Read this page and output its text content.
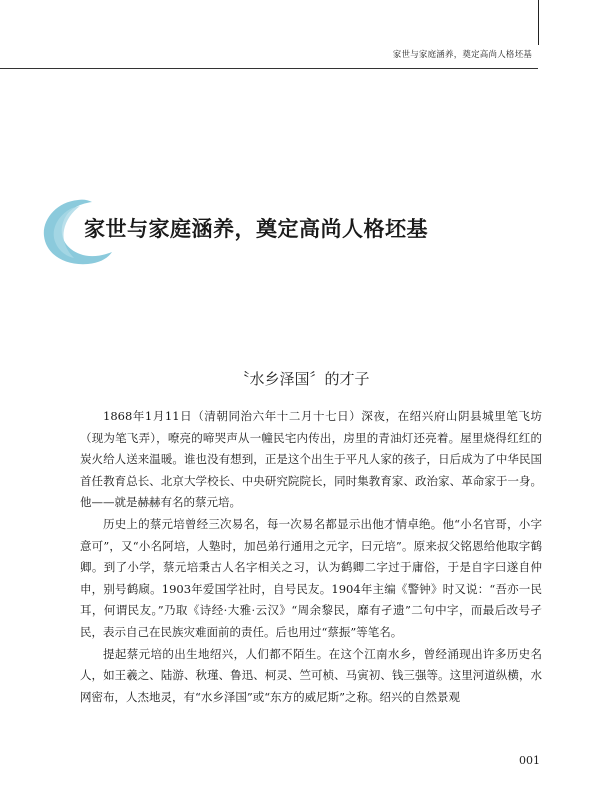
家世与家庭涵养，奠定高尚人格坯基
家世与家庭涵养，奠定高尚人格坯基
〝水乡泽国〞的才子

1868年1月11日（清朝同治六年十二月十七日）深夜，在绍兴府山阴县城里笔飞坊（现为笔飞弄），嘹亮的啼哭声从一幢民宅内传出，房里的青油灯还亮着。屋里烧得红红的炭火给人送来温暖。谁也没有想到，正是这个出生于平凡人家的孩子，日后成为了中华民国首任教育总长、北京大学校长、中央研究院院长，同时集教育家、政治家、革命家于一身。他——就是赫赫有名的蔡元培。

历史上的蔡元培曾经三次易名，每一次易名都显示出他才情卓绝。他“小名官哥，小字意可”，又“小名阿培，人塾时，加邑弟行通用之元字，曰元培”。原来叔父铭恩给他取字鹤卿。到了小学，蔡元培秉古人名字相关之习，认为鹤卿二字过于庸俗，于是自字曰遂自仲申，别号鹤庼。1903年爱国学社时，自号民友。1904年主编《警钟》时又说：“吾亦一民耳，何谓民友。”乃取《诗经·大雅·云汉》“周余黎民，靡有孑遗”二句中字，而最后改号孑民，表示自己在民族灾难面前的责任。后也用过“蔡振”等笔名。

提起蔡元培的出生地绍兴，人们都不陌生。在这个江南水乡，曾经涌现出许多历史名人，如王羲之、陆游、秋瑾、鲁迅、柯灵、竺可桢、马寅初、钱三强等。这里河道纵横，水网密布，人杰地灵，有“水乡泽国”或“东方的威尼斯”之称。绍兴的自然景观

001
